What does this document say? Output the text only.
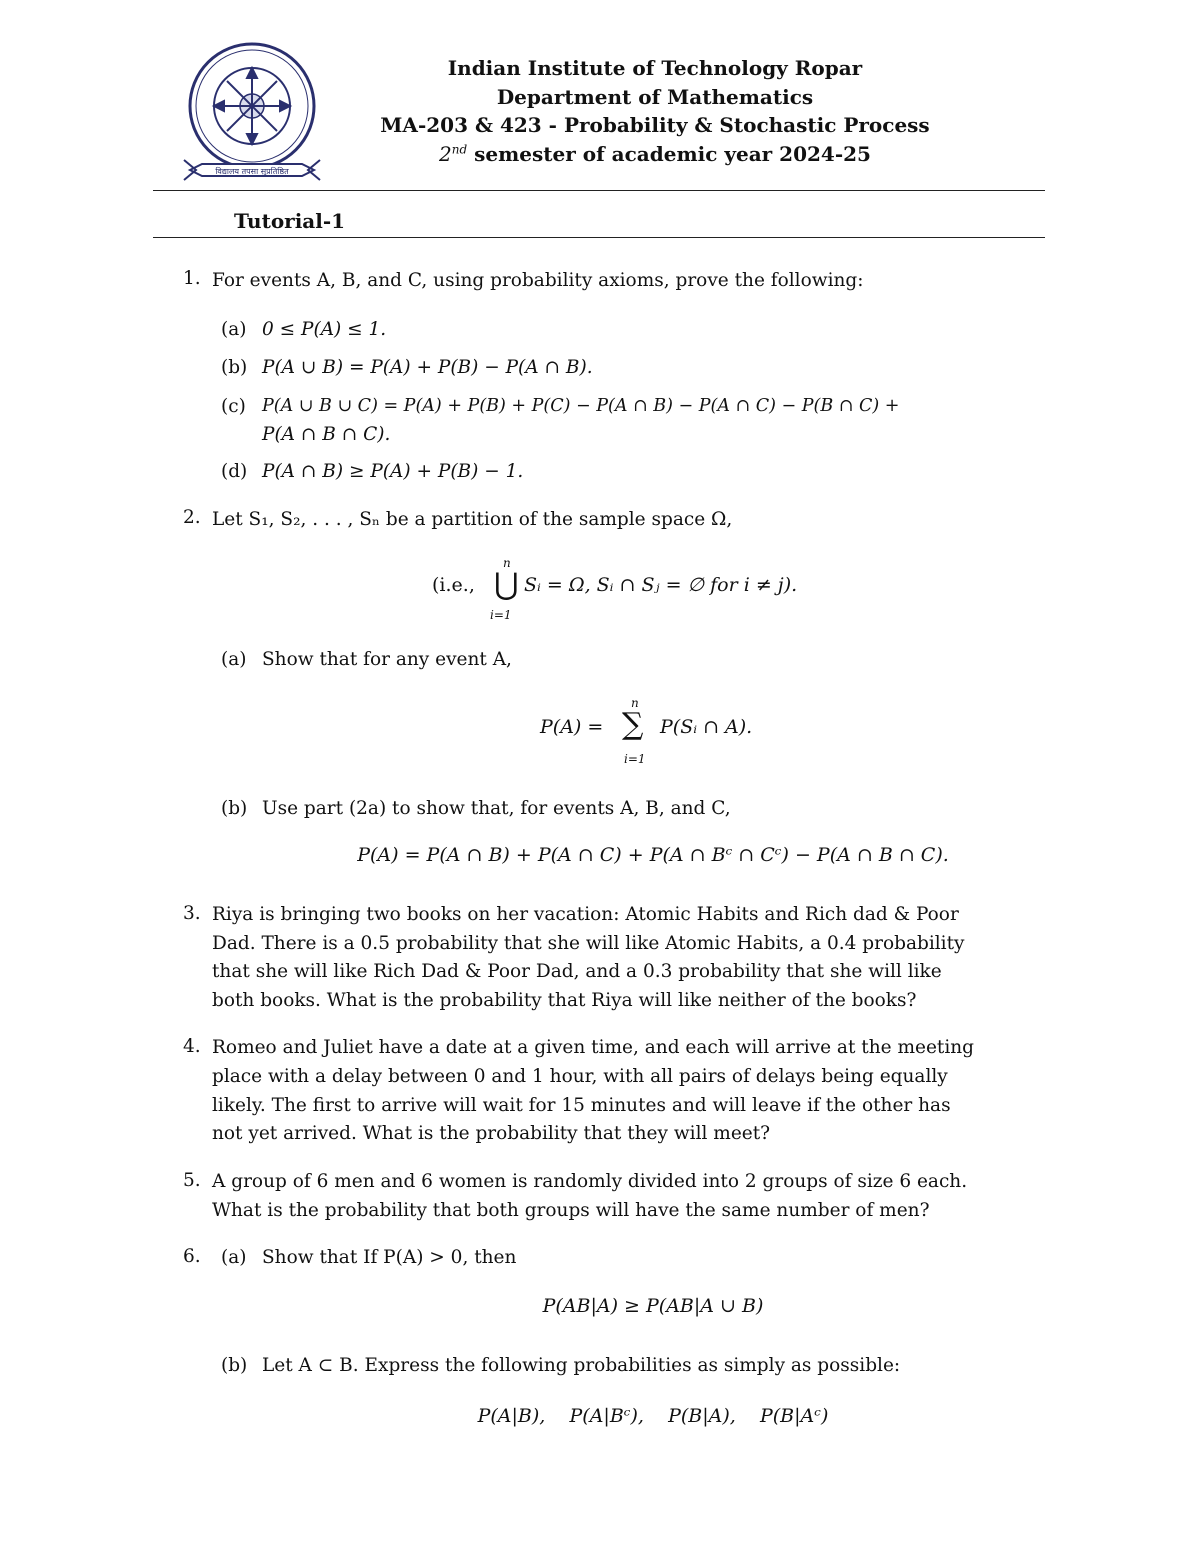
विद्यालय तपसा सुप्रतिष्ठित
Indian Institute of Technology Ropar
Department of Mathematics
MA-203 & 423 - Probability & Stochastic Process
2nd semester of academic year 2024-25
Tutorial-1
1. For events A, B, and C, using probability axioms, prove the following:
(a) 0 ≤ P(A) ≤ 1.
(b) P(A ∪ B) = P(A) + P(B) − P(A ∩ B).
(c) P(A ∪ B ∪ C) = P(A) + P(B) + P(C) − P(A ∩ B) − P(A ∩ C) − P(B ∩ C) +
P(A ∩ B ∩ C).
(d) P(A ∩ B) ≥ P(A) + P(B) − 1.
2. Let S₁, S₂, . . . , Sₙ be a partition of the sample space Ω,
(i.e.,
n
⋃
i=1
Sᵢ = Ω, Sᵢ ∩ Sⱼ = ∅ for i ≠ j).
(a) Show that for any event A,
P(A) =
n
∑
i=1
P(Sᵢ ∩ A).
(b) Use part (2a) to show that, for events A, B, and C,
P(A) = P(A ∩ B) + P(A ∩ C) + P(A ∩ Bᶜ ∩ Cᶜ) − P(A ∩ B ∩ C).
3. Riya is bringing two books on her vacation: Atomic Habits and Rich dad & Poor
Dad. There is a 0.5 probability that she will like Atomic Habits, a 0.4 probability
that she will like Rich Dad & Poor Dad, and a 0.3 probability that she will like
both books. What is the probability that Riya will like neither of the books?
4. Romeo and Juliet have a date at a given time, and each will arrive at the meeting
place with a delay between 0 and 1 hour, with all pairs of delays being equally
likely. The first to arrive will wait for 15 minutes and will leave if the other has
not yet arrived. What is the probability that they will meet?
5. A group of 6 men and 6 women is randomly divided into 2 groups of size 6 each.
What is the probability that both groups will have the same number of men?
6. (a) Show that If P(A) > 0, then
P(AB|A) ≥ P(AB|A ∪ B)
(b) Let A ⊂ B. Express the following probabilities as simply as possible:
P(A|B),    P(A|Bᶜ),    P(B|A),    P(B|Aᶜ)
